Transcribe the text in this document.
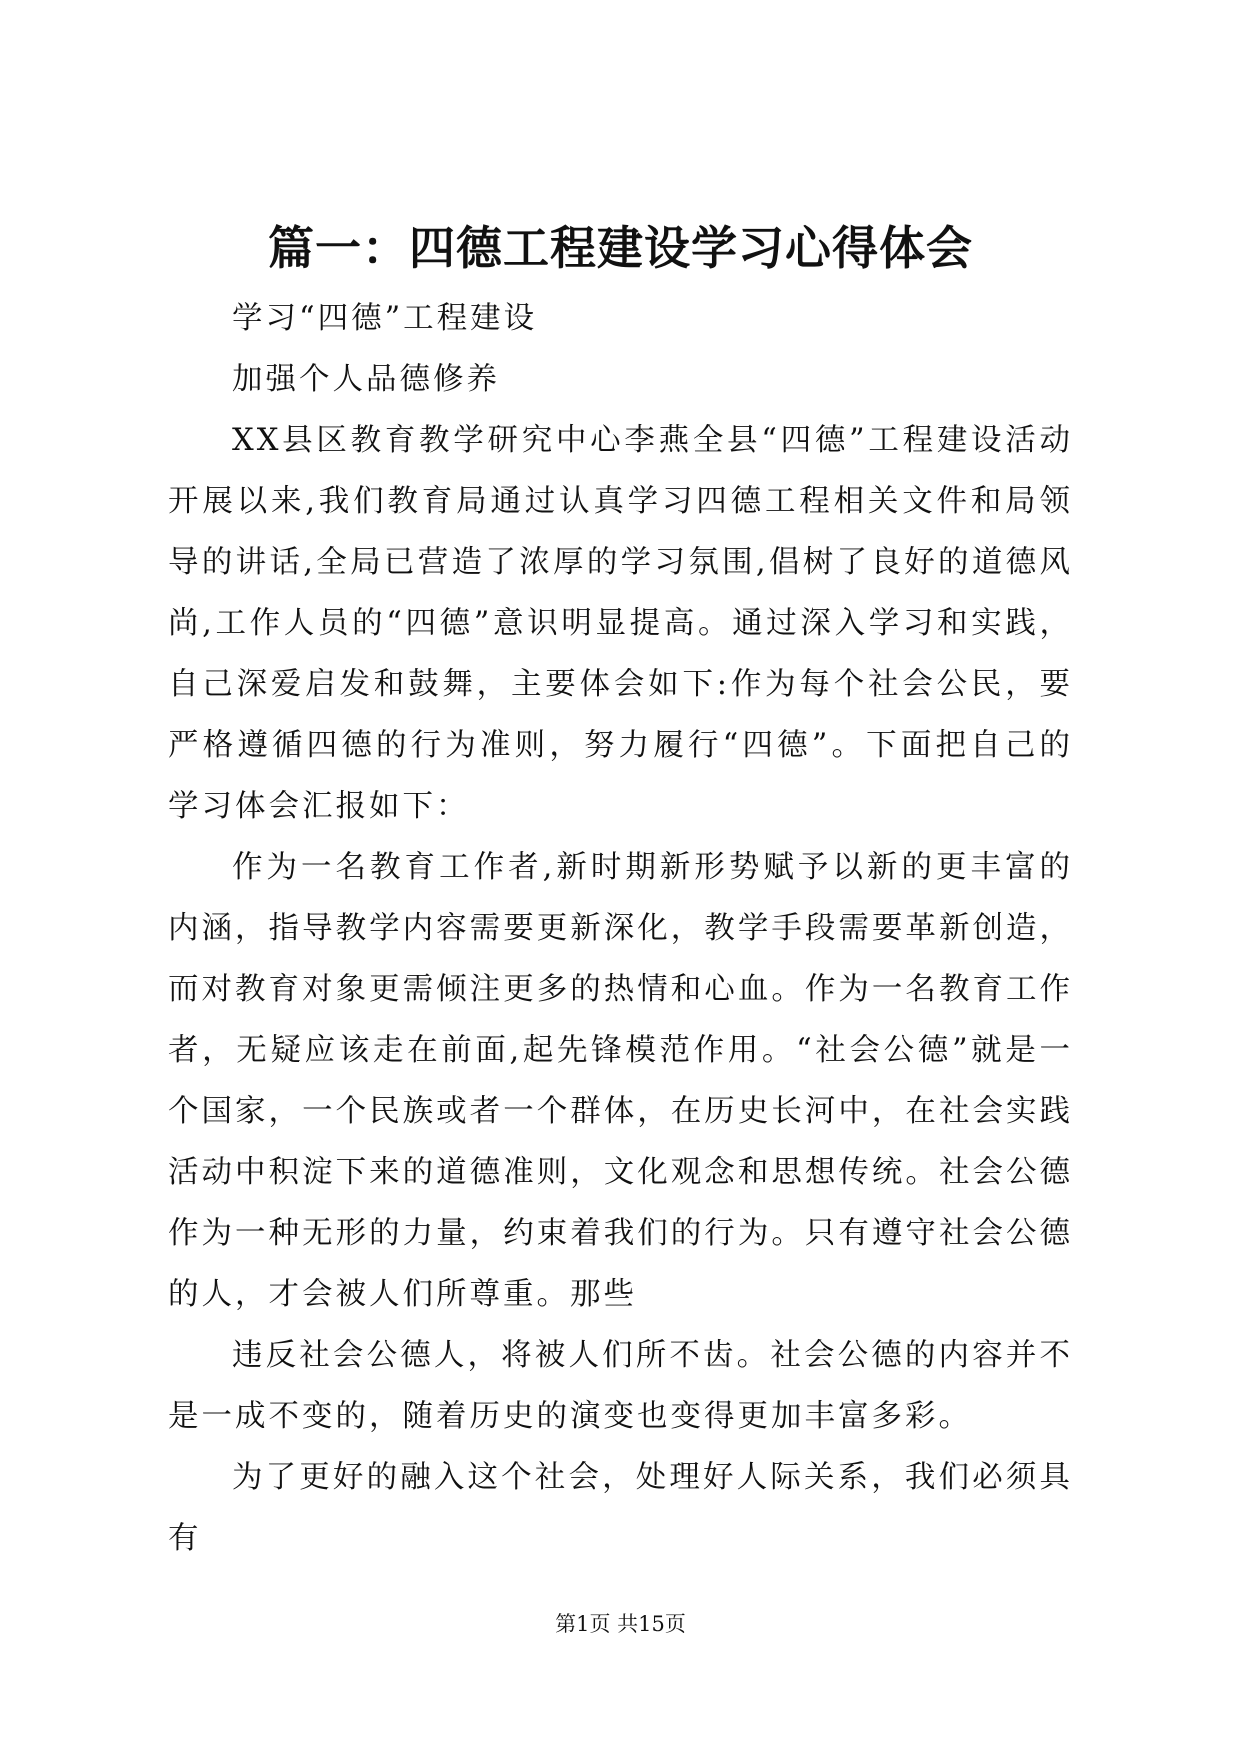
篇一：四德工程建设学习心得体会

学习“四德”工程建设

加强个人品德修养

XX县区教育教学研究中心李燕全县“四德”工程建设活动开展以来,我们教育局通过认真学习四德工程相关文件和局领导的讲话,全局已营造了浓厚的学习氛围,倡树了良好的道德风尚,工作人员的“四德”意识明显提高。通过深入学习和实践，自己深爱启发和鼓舞，主要体会如下:作为每个社会公民，要严格遵循四德的行为准则，努力履行“四德”。下面把自己的学习体会汇报如下：

作为一名教育工作者,新时期新形势赋予以新的更丰富的内涵，指导教学内容需要更新深化，教学手段需要革新创造，而对教育对象更需倾注更多的热情和心血。作为一名教育工作者，无疑应该走在前面,起先锋模范作用。“社会公德”就是一个国家，一个民族或者一个群体，在历史长河中，在社会实践活动中积淀下来的道德准则，文化观念和思想传统。社会公德作为一种无形的力量，约束着我们的行为。只有遵守社会公德的人，才会被人们所尊重。那些

违反社会公德人，将被人们所不齿。社会公德的内容并不是一成不变的，随着历史的演变也变得更加丰富多彩。

为了更好的融入这个社会，处理好人际关系，我们必须具有

第1页 共15页
